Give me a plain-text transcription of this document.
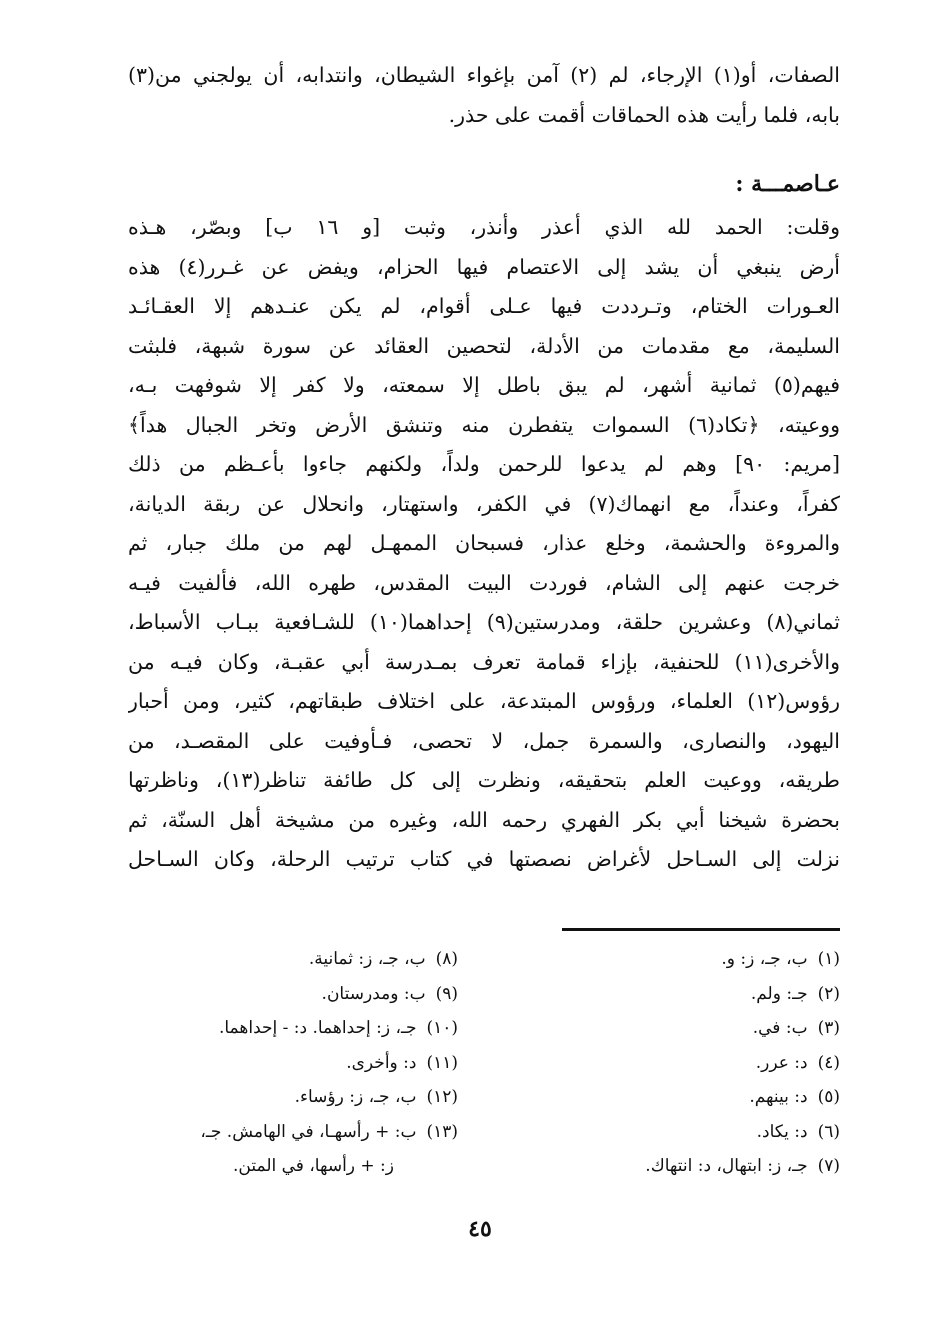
الصفات، أو(١) الإرجاء، لم (٢) آمن بإغواء الشيطان، وانتدابه، أن يولجني من(٣)
بابه، فلما رأيت هذه الحماقات أقمت على حذر.
عـاصمـــة :
وقلت: الحمد لله الذي أعذر وأنذر، وثبت [و ١٦ ب] وبصّر، هـذه
أرض ينبغي أن يشد إلى الاعتصام فيها الحزام، ويفض عن غـرر(٤) هذه
العـورات الختام، وتـرددت فيها عـلى أقوام، لم يكن عنـدهم إلا العقـائـد
السليمة، مع مقدمات من الأدلة، لتحصين العقائد عن سورة شبهة، فلبثت
فيهم(٥) ثمانية أشهر، لم يبق باطل إلا سمعته، ولا كفر إلا شوفهت بـه،
ووعيته، ﴿تكاد(٦) السموات يتفطرن منه وتنشق الأرض وتخر الجبال هداً﴾
[مريم: ٩٠] وهم لم يدعوا للرحمن ولداً، ولكنهم جاءوا بأعـظم من ذلك
كفراً، وعنداً، مع انهماك(٧) في الكفر، واستهتار، وانحلال عن ربقة الديانة،
والمروءة والحشمة، وخلع عذار، فسبحان الممهـل لهم من ملك جبار، ثم
خرجت عنهم إلى الشام، فوردت البيت المقدس، طهره الله، فألفيت فيـه
ثماني(٨) وعشرين حلقة، ومدرستين(٩) إحداهما(١٠) للشـافعية ببـاب الأسباط،
والأخرى(١١) للحنفية، بإزاء قمامة تعرف بمـدرسة أبي عقبـة، وكان فيـه من
رؤوس(١٢) العلماء، ورؤوس المبتدعة، على اختلاف طبقاتهم، كثير، ومن أحبار
اليهود، والنصارى، والسمرة جمل، لا تحصى، فـأوفيت على المقصـد، من
طريقه، ووعيت العلم بتحقيقه، ونظرت إلى كل طائفة تناظر(١٣)، وناظرتها
بحضرة شيخنا أبي بكر الفهري رحمه الله، وغيره من مشيخة أهل السنّة، ثم
نزلت إلى السـاحل لأغراض نصصتها في كتاب ترتيب الرحلة، وكان السـاحل
(١)ب، جـ، ز: و.
(٢)جـ: ولم.
(٣)ب: في.
(٤)د: عرر.
(٥)د: بينهم.
(٦)د: يكاد.
(٧)جـ، ز: ابتهال، د: انتهاك.
(٨)ب، جـ، ز: ثمانية.
(٩)ب: ومدرستان.
(١٠)جـ، ز: إحداهما. د: - إحداهما.
(١١)د: وأخرى.
(١٢)ب، جـ، ز: رؤساء.
(١٣)ب: + رأسهـا، في الهامش. جـ،
ز: + رأسها، في المتن.
٤٥
